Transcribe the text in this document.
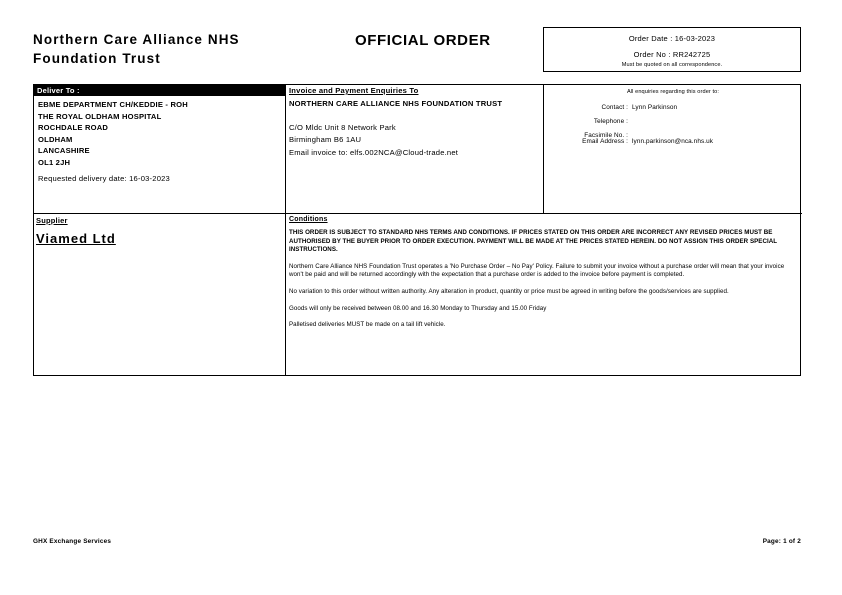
Northern Care Alliance NHS Foundation Trust
OFFICIAL ORDER	Order Date : 16-03-2023
Order No : RR242725
Must be quoted on all correspondence.
Deliver To :
EBME DEPARTMENT CH/KEDDIE - ROH
THE ROYAL OLDHAM HOSPITAL
ROCHDALE ROAD
OLDHAM
LANCASHIRE
OL1 2JH
Requested delivery date: 16-03-2023
Supplier
Viamed Ltd
Invoice and Payment Enquiries To
NORTHERN CARE ALLIANCE NHS FOUNDATION TRUST
C/O Mldc Unit 8 Network Park
Birmingham B6 1AU
Email invoice to: elfs.002NCA@Cloud-trade.net
All enquiries regarding this order to:
Contact : Lynn Parkinson
Telephone :
Facsimile No. :
Email Address : lynn.parkinson@nca.nhs.uk
Conditions

THIS ORDER IS SUBJECT TO STANDARD NHS TERMS AND CONDITIONS. IF PRICES STATED ON THIS ORDER ARE INCORRECT ANY REVISED PRICES MUST BE AUTHORISED BY THE BUYER PRIOR TO ORDER EXECUTION. PAYMENT WILL BE MADE AT THE PRICES STATED HEREIN. DO NOT ASSIGN THIS ORDER SPECIAL INSTRUCTIONS.

Northern Care Alliance NHS Foundation Trust operates a 'No Purchase Order – No Pay' Policy. Failure to submit your invoice without a purchase order will mean that your invoice won't be paid and will be returned accordingly with the expectation that a purchase order is added to the invoice before payment is completed.

No variation to this order without written authority. Any alteration in product, quantity or price must be agreed in writing before the goods/services are supplied.

Goods will only be received between 08.00 and 16.30 Monday to Thursday and 15.00 Friday

Palletised deliveries MUST be made on a tail lift vehicle.

GHX Exchange Services	Page: 1 of 2
